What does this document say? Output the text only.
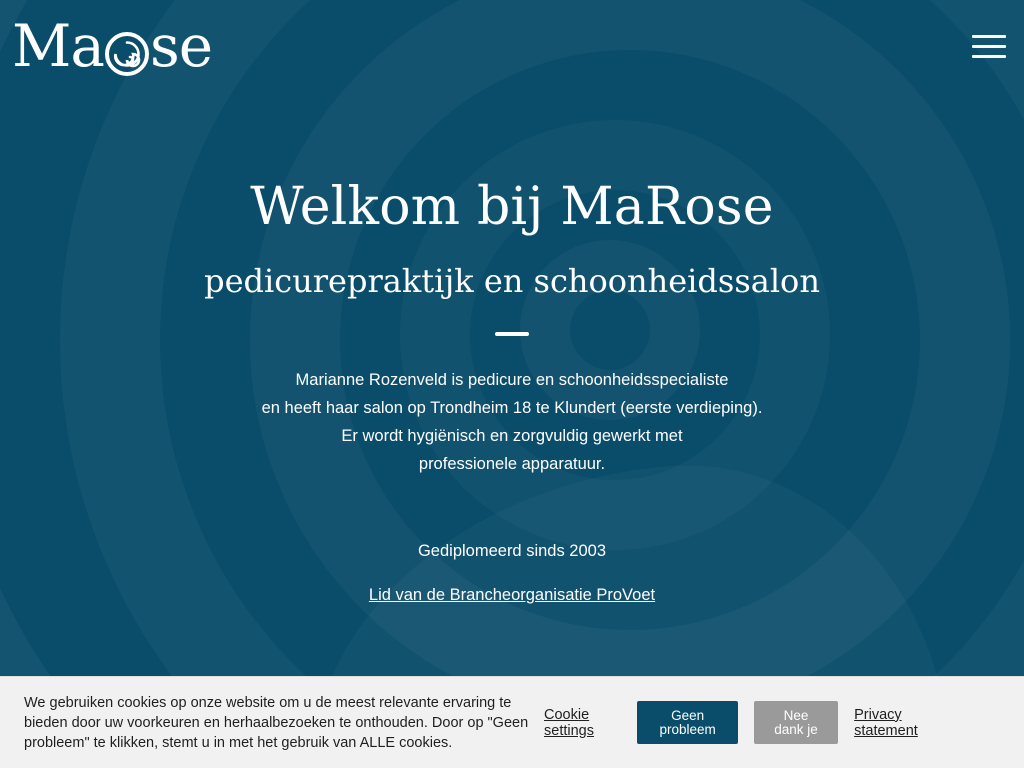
Ma se
Welkom bij MaRose
pedicurepraktijk en schoonheidssalon

Marianne Rozenveld is pedicure en schoonheidsspecialiste

en heeft haar salon op Trondheim 18 te Klundert (eerste verdieping).

Er wordt hygiënisch en zorgvuldig gewerkt met

professionele apparatuur.

Gediplomeerd sinds 2003

Lid van de Brancheorganisatie ProVoet

We gebruiken cookies op onze website om u de meest relevante ervaring te bieden door uw voorkeuren en herhaalbezoeken te onthouden. Door op "Geen probleem" te klikken, stemt u in met het gebruik van ALLE cookies.
Cookie settings
Geen probleem
Nee dank je
Privacy statement
